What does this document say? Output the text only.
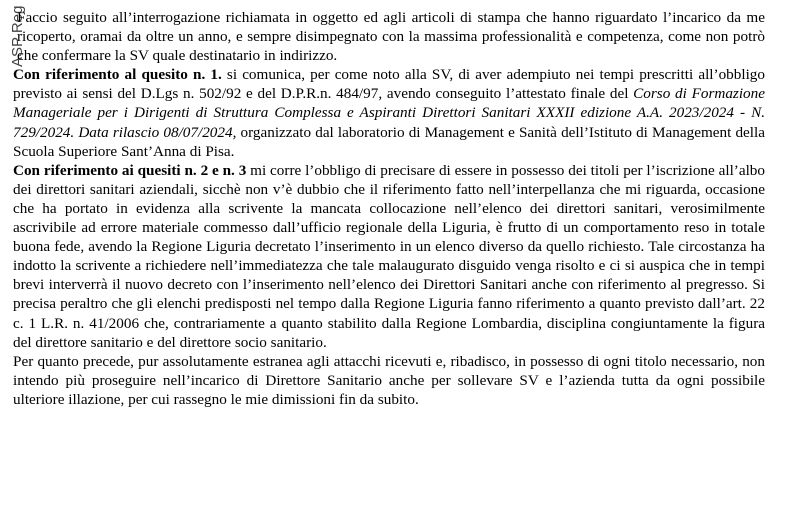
ASP Reg

Faccio seguito all’interrogazione richiamata in oggetto ed agli articoli di stampa che hanno riguardato l’incarico da me ricoperto, oramai da oltre un anno, e sempre disimpegnato con la massima professionalità e competenza, come non potrò che confermare la SV quale destinatario in indirizzo.

Con riferimento al quesito n. 1. si comunica, per come noto alla SV, di aver adempiuto nei tempi prescritti all’obbligo previsto ai sensi del D.Lgs n. 502/92 e del D.P.R.n. 484/97, avendo conseguito l’attestato finale del Corso di Formazione Manageriale per i Dirigenti di Struttura Complessa e Aspiranti Direttori Sanitari XXXII edizione A.A. 2023/2024 - N. 729/2024. Data rilascio 08/07/2024, organizzato dal laboratorio di Management e Sanità dell’Istituto di Management della Scuola Superiore Sant’Anna di Pisa.

Con riferimento ai quesiti n. 2 e n. 3 mi corre l’obbligo di precisare di essere in possesso dei titoli per l’iscrizione all’albo dei direttori sanitari aziendali, sicchè non v’è dubbio che il riferimento fatto nell’interpellanza che mi riguarda, occasione che ha portato in evidenza alla scrivente la mancata collocazione nell’elenco dei direttori sanitari, verosimilmente ascrivibile ad errore materiale commesso dall’ufficio regionale della Liguria, è frutto di un comportamento reso in totale buona fede, avendo la Regione Liguria decretato l’inserimento in un elenco diverso da quello richiesto. Tale circostanza ha indotto la scrivente a richiedere nell’immediatezza che tale malaugurato disguido venga risolto e ci si auspica che in tempi brevi interverrà il nuovo decreto con l’inserimento nell’elenco dei Direttori Sanitari anche con riferimento al pregresso. Si precisa peraltro che gli elenchi predisposti nel tempo dalla Regione Liguria fanno riferimento a quanto previsto dall’art. 22 c. 1 L.R. n. 41/2006 che, contrariamente a quanto stabilito dalla Regione Lombardia, disciplina congiuntamente la figura del direttore sanitario e del direttore socio sanitario.

Per quanto precede, pur assolutamente estranea agli attacchi ricevuti e, ribadisco, in possesso di ogni titolo necessario, non intendo più proseguire nell’incarico di Direttore Sanitario anche per sollevare SV e l’azienda tutta da ogni possibile ulteriore illazione, per cui rassegno le mie dimissioni fin da subito.
